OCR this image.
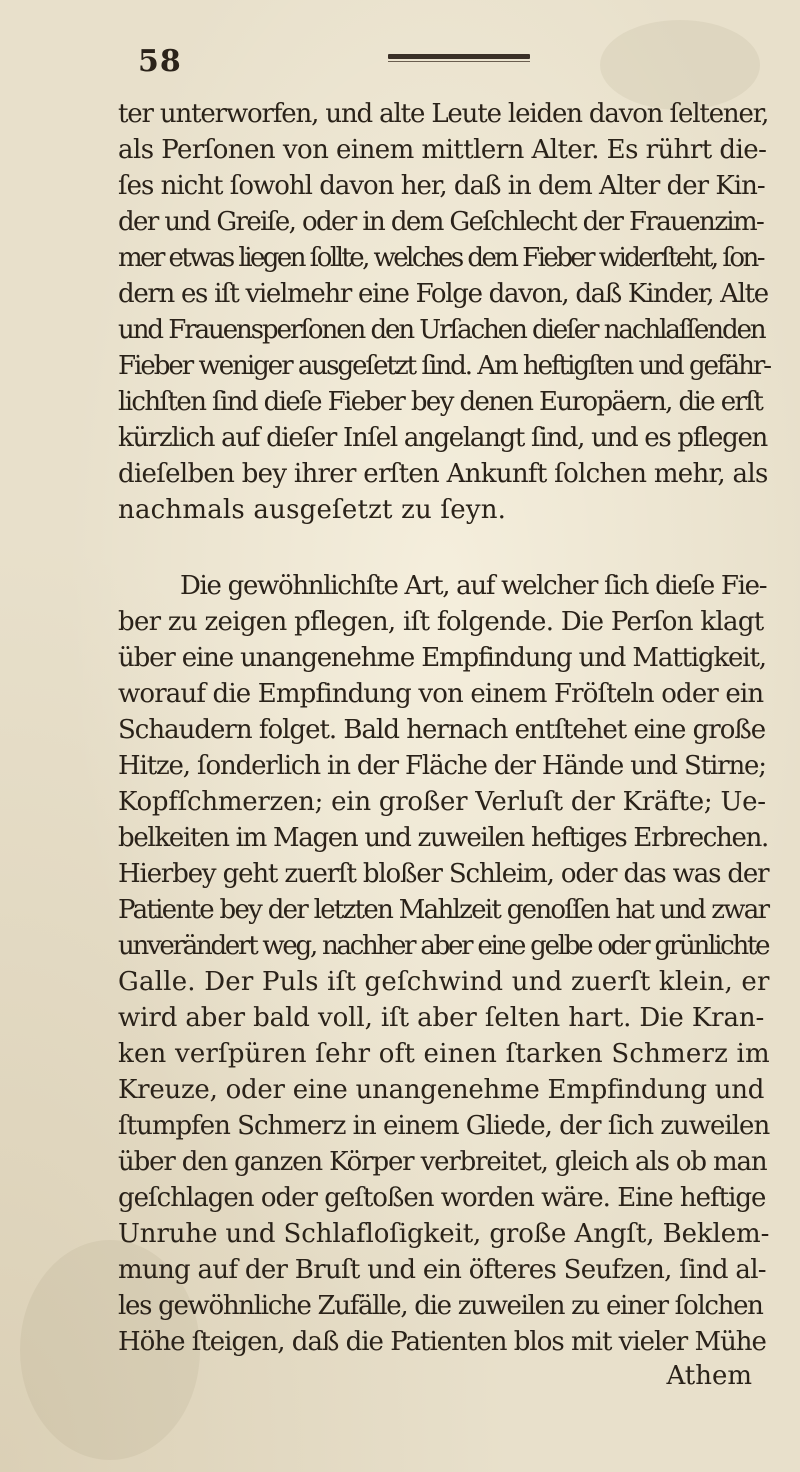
58
ter unterworfen, und alte Leute leiden davon ſeltener,
als Perſonen von einem mittlern Alter. Es rührt die-
ſes nicht ſowohl davon her, daß in dem Alter der Kin-
der und Greiſe, oder in dem Geſchlecht der Frauenzim-
mer etwas liegen ſollte, welches dem Fieber widerſteht, ſon-
dern es iſt vielmehr eine Folge davon, daß Kinder, Alte
und Frauensperſonen den Urſachen dieſer nachlaſſenden
Fieber weniger ausgeſetzt ſind. Am heftigſten und gefähr-
lichſten ſind dieſe Fieber bey denen Europäern, die erſt
kürzlich auf dieſer Inſel angelangt ſind, und es pflegen
dieſelben bey ihrer erſten Ankunft ſolchen mehr, als
nachmals ausgeſetzt zu ſeyn.
Die gewöhnlichſte Art, auf welcher ſich dieſe Fie-
ber zu zeigen pflegen, iſt folgende. Die Perſon klagt
über eine unangenehme Empfindung und Mattigkeit,
worauf die Empfindung von einem Fröſteln oder ein
Schaudern folget. Bald hernach entſtehet eine große
Hitze, ſonderlich in der Fläche der Hände und Stirne;
Kopfſchmerzen; ein großer Verluſt der Kräfte; Ue-
belkeiten im Magen und zuweilen heftiges Erbrechen.
Hierbey geht zuerſt bloßer Schleim, oder das was der
Patiente bey der letzten Mahlzeit genoſſen hat und zwar
unverändert weg, nachher aber eine gelbe oder grünlichte
Galle. Der Puls iſt geſchwind und zuerſt klein, er
wird aber bald voll, iſt aber ſelten hart. Die Kran-
ken verſpüren ſehr oft einen ſtarken Schmerz im
Kreuze, oder eine unangenehme Empfindung und
ſtumpfen Schmerz in einem Gliede, der ſich zuweilen
über den ganzen Körper verbreitet, gleich als ob man
geſchlagen oder geſtoßen worden wäre. Eine heftige
Unruhe und Schlafloſigkeit, große Angſt, Beklem-
mung auf der Bruſt und ein öfteres Seufzen, ſind al-
les gewöhnliche Zufälle, die zuweilen zu einer ſolchen
Höhe ſteigen, daß die Patienten blos mit vieler Mühe
Athem
